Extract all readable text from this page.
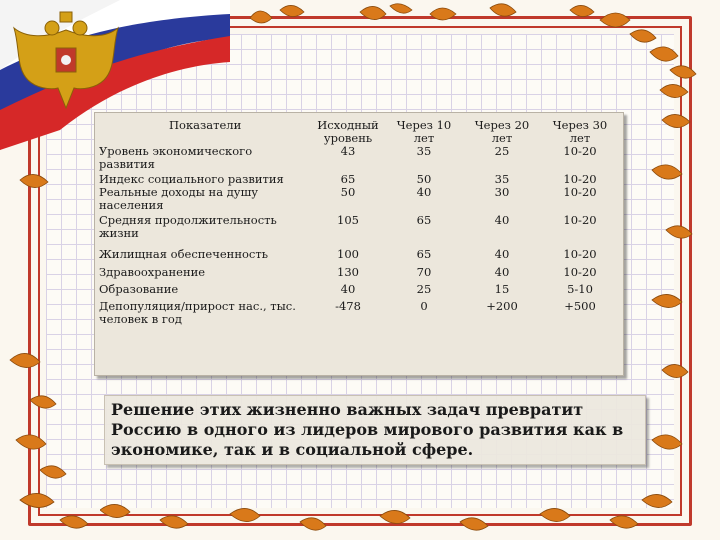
Показатели	Исходный уровень	Через 10 лет	Через 20 лет	Через 30 лет
Уровень экономического развития	43	35	25	10-20
Индекс социального развития	65	50	35	10-20
Реальные доходы на душу населения	50	40	30	10-20
Средняя продолжительность жизни	105	65	40	10-20
Жилищная обеспеченность	100	65	40	10-20
Здравоохранение	130	70	40	10-20
Образование	40	25	15	5-10
Депопуляция/прирост нас., тыс. человек в год	-478	0	+200	+500
Решение этих жизненно важных задач превратит Россию в одного из лидеров мирового развития как в экономике, так и в социальной сфере.
